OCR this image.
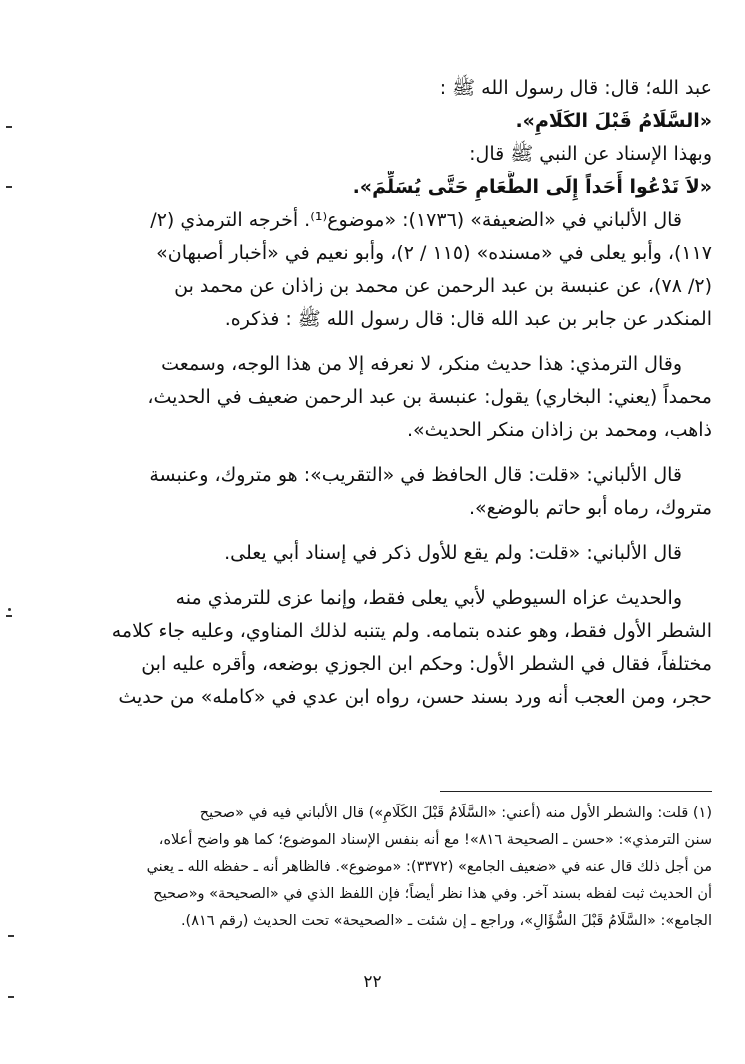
عبد الله؛ قال: قال رسول الله ﷺ :
«السَّلَامُ قَبْلَ الكَلَامِ».
وبهذا الإسناد عن النبي ﷺ قال:
«لاَ تَدْعُوا أَحَداً إِلَى الطَّعَامِ حَتَّى يُسَلِّمَ».
قال الألباني في «الضعيفة» (١٧٣٦): «موضوع⁽¹⁾. أخرجه الترمذي (٢/
١١٧)، وأبو يعلى في «مسنده» (١١٥ / ٢)، وأبو نعيم في «أخبار أصبهان»
(٢/ ٧٨)، عن عنبسة بن عبد الرحمن عن محمد بن زاذان عن محمد بن
المنكدر عن جابر بن عبد الله قال: قال رسول الله ﷺ : فذكره.
وقال الترمذي: هذا حديث منكر، لا نعرفه إلا من هذا الوجه، وسمعت
محمداً (يعني: البخاري) يقول: عنبسة بن عبد الرحمن ضعيف في الحديث،
ذاهب، ومحمد بن زاذان منكر الحديث».
قال الألباني: «قلت: قال الحافظ في «التقريب»: هو متروك، وعنبسة
متروك، رماه أبو حاتم بالوضع».
قال الألباني: «قلت: ولم يقع للأول ذكر في إسناد أبي يعلى.
والحديث عزاه السيوطي لأبي يعلى فقط، وإنما عزى للترمذي منه
الشطر الأول فقط، وهو عنده بتمامه. ولم يتنبه لذلك المناوي، وعليه جاء كلامه
مختلفاً، فقال في الشطر الأول: وحكم ابن الجوزي بوضعه، وأقره عليه ابن
حجر، ومن العجب أنه ورد بسند حسن، رواه ابن عدي في «كامله» من حديث
(١) قلت: والشطر الأول منه (أعني: «السَّلَامُ قَبْلَ الكَلَامِ») قال الألباني فيه في «صحيح
سنن الترمذي»: «حسن ـ الصحيحة ٨١٦»! مع أنه بنفس الإسناد الموضوع؛ كما هو واضح أعلاه،
من أجل ذلك قال عنه في «ضعيف الجامع» (٣٣٧٢): «موضوع». فالظاهر أنه ـ حفظه الله ـ يعني
أن الحديث ثبت لفظه بسند آخر. وفي هذا نظر أيضاً؛ فإن اللفظ الذي في «الصحيحة» و«صحيح
الجامع»: «السَّلَامُ قَبْلَ السُّؤَالِ»، وراجع ـ إن شئت ـ «الصحيحة» تحت الحديث (رقم ٨١٦).
٢٢
